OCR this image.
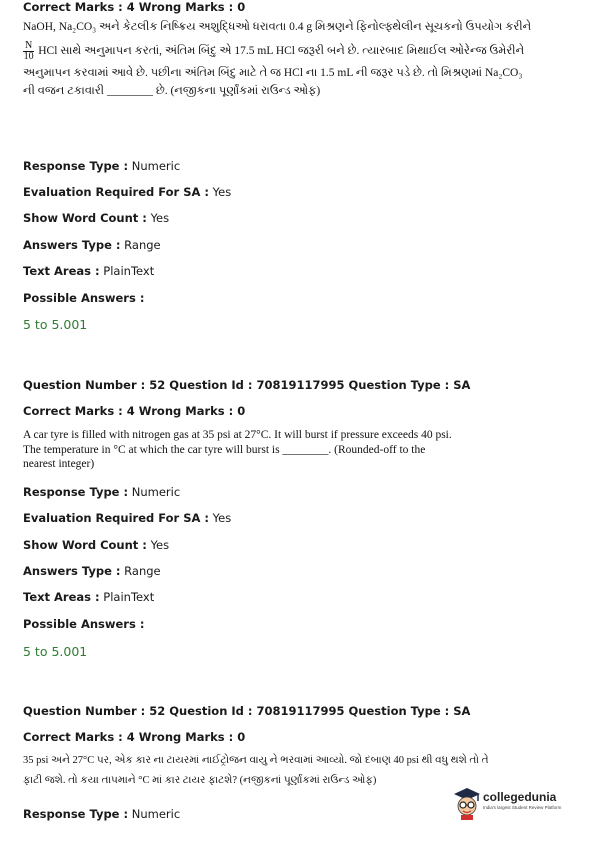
Correct Marks : 4 Wrong Marks : 0
NaOH, Na₂CO₃ અને કેટલીક નિષ્ક્રિય અશુદ્ધિઓ ધરાવતા 0.4 g મિશ્રણને ફિનોલ્ફ્થેલીન સૂચકનો ઉપયોગ કરીને
$\frac{N}{10}$ HCl સાથે અનુમાપન કરતાં, અંતિમ બિંદુ એ 17.5 mL HCl જરૂરી બને છે. ત્યારબાદ મિથાઈલ ઓરેન્જ ઉમેરીને
અનુમાપન કરવામાં આવે છે. પછીના અંતિમ બિંદુ માટે તે જ HCl ના 1.5 mL ની જરૂર પડે છે. તો મિશ્રણમાં Na₂CO₃
ની વજન ટકાવારી ________ છે. (નજીકના પૂર્ણાંકમાં રાઉન્ડ ઓફ)
Response Type : Numeric
Evaluation Required For SA : Yes
Show Word Count : Yes
Answers Type : Range
Text Areas : PlainText
Possible Answers :
5 to 5.001
Question Number : 52 Question Id : 70819117995 Question Type : SA
Correct Marks : 4 Wrong Marks : 0
A car tyre is filled with nitrogen gas at 35 psi at 27°C. It will burst if pressure exceeds 40 psi.
The temperature in °C at which the car tyre will burst is ________. (Rounded-off to the
nearest integer)
Response Type : Numeric
Evaluation Required For SA : Yes
Show Word Count : Yes
Answers Type : Range
Text Areas : PlainText
Possible Answers :
5 to 5.001
Question Number : 52 Question Id : 70819117995 Question Type : SA
Correct Marks : 4 Wrong Marks : 0
35 psi અને 27°C પર, એક કાર ના ટાયરમાં નાઈટ્રોજન વાયુ ને ભરવામાં આવ્યો. જો દબાણ 40 psi થી વધુ થશે તો તે
ફાટી જશે. તો કયા તાપમાને °C માં કાર ટાયર ફાટશે? (નજીકનાં પૂર્ણાંકમાં રાઉન્ડ ઓફ)
Response Type : Numeric
collegedunia
India's largest Student Review Platform
